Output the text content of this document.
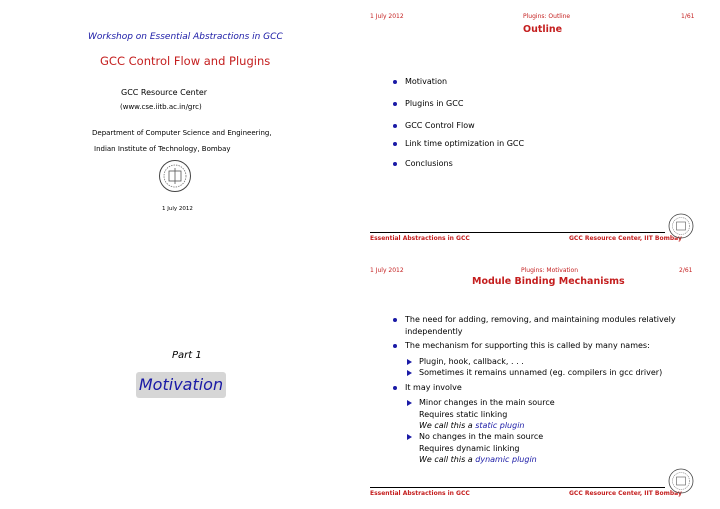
Workshop on Essential Abstractions in GCC
GCC Control Flow and Plugins
GCC Resource Center
(www.cse.iitb.ac.in/grc)
Department of Computer Science and Engineering,
Indian Institute of Technology, Bombay
1 July 2012
1 July 2012	Plugins: Outline	1/61
Outline
Motivation
Plugins in GCC
GCC Control Flow
Link time optimization in GCC
Conclusions
Essential Abstractions in GCC	GCC Resource Center, IIT Bombay
Part 1
Motivation
1 July 2012	Plugins: Motivation	2/61
Module Binding Mechanisms
The need for adding, removing, and maintaining modules relatively
independently
The mechanism for supporting this is called by many names:
Plugin, hook, callback, . . .
Sometimes it remains unnamed (eg. compilers in gcc driver)
It may involve
Minor changes in the main source
Requires static linking
We call this a static plugin
No changes in the main source
Requires dynamic linking
We call this a dynamic plugin
Essential Abstractions in GCC	GCC Resource Center, IIT Bombay
